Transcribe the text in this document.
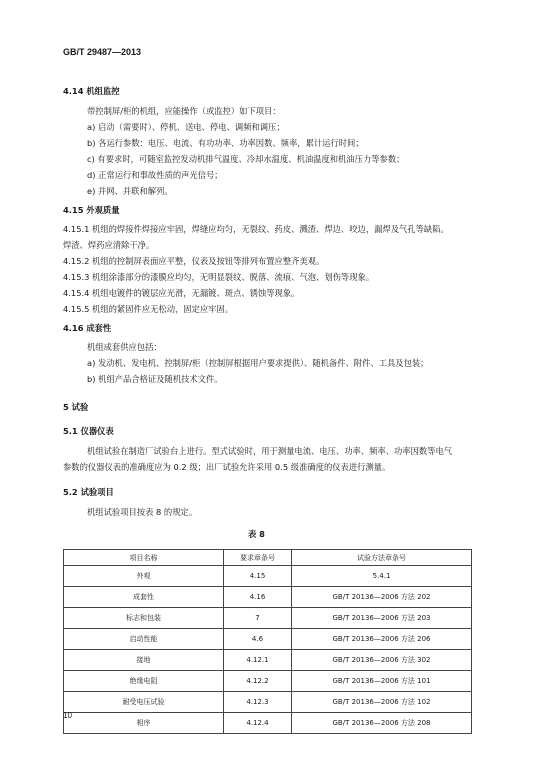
GB/T 29487—2013
4.14 机组监控
带控制屏/柜的机组，应能操作（或监控）如下项目：
a) 启动（需要时）、停机、送电、停电、调频和调压；
b) 各运行参数：电压、电流、有功功率、功率因数、频率，累计运行时间；
c) 有要求时，可随室监控发动机排气温度、冷却水温度、机油温度和机油压力等参数；
d) 正常运行和事故性质的声光信号；
e) 并网、并联和解列。
4.15 外观质量
4.15.1 机组的焊接件焊接应牢固，焊缝应均匀，无裂纹、药皮、溅渣、焊边、咬边，漏焊及气孔等缺陷。
焊渣、焊药应清除干净。
4.15.2 机组的控制屏表面应平整，仪表及按钮等排列布置应整齐美观。
4.15.3 机组涂漆部分的漆膜应均匀，无明显裂纹、脱落、流痕、气泡、划伤等现象。
4.15.4 机组电镀件的镀层应光滑，无漏镀、斑点、锈蚀等现象。
4.15.5 机组的紧固件应无松动，固定应牢固。
4.16 成套性
机组成套供应包括：
a) 发动机、发电机、控制屏/柜（控制屏根据用户要求提供）、随机备件、附件、工具及包装；
b) 机组产品合格证及随机技术文件。
5 试验
5.1 仪器仪表
机组试验在制造厂试验台上进行。型式试验时，用于测量电流、电压、功率、频率、功率因数等电气
参数的仪器仪表的准确度应为 0.2 级；出厂试验允许采用 0.5 级准确度的仪表进行测量。
5.2 试验项目
机组试验项目按表 8 的规定。
表 8
项目名称	要求章条号	试验方法章条号
外观	4.15	5.4.1
成套性	4.16	GB/T 20136—2006 方法 202
标志和包装	7	GB/T 20136—2006 方法 203
启动性能	4.6	GB/T 20136—2006 方法 206
接地	4.12.1	GB/T 20136—2006 方法 302
绝缘电阻	4.12.2	GB/T 20136—2006 方法 101
耐受电压试验	4.12.3	GB/T 20136—2006 方法 102
相序	4.12.4	GB/T 20136—2006 方法 208
10
